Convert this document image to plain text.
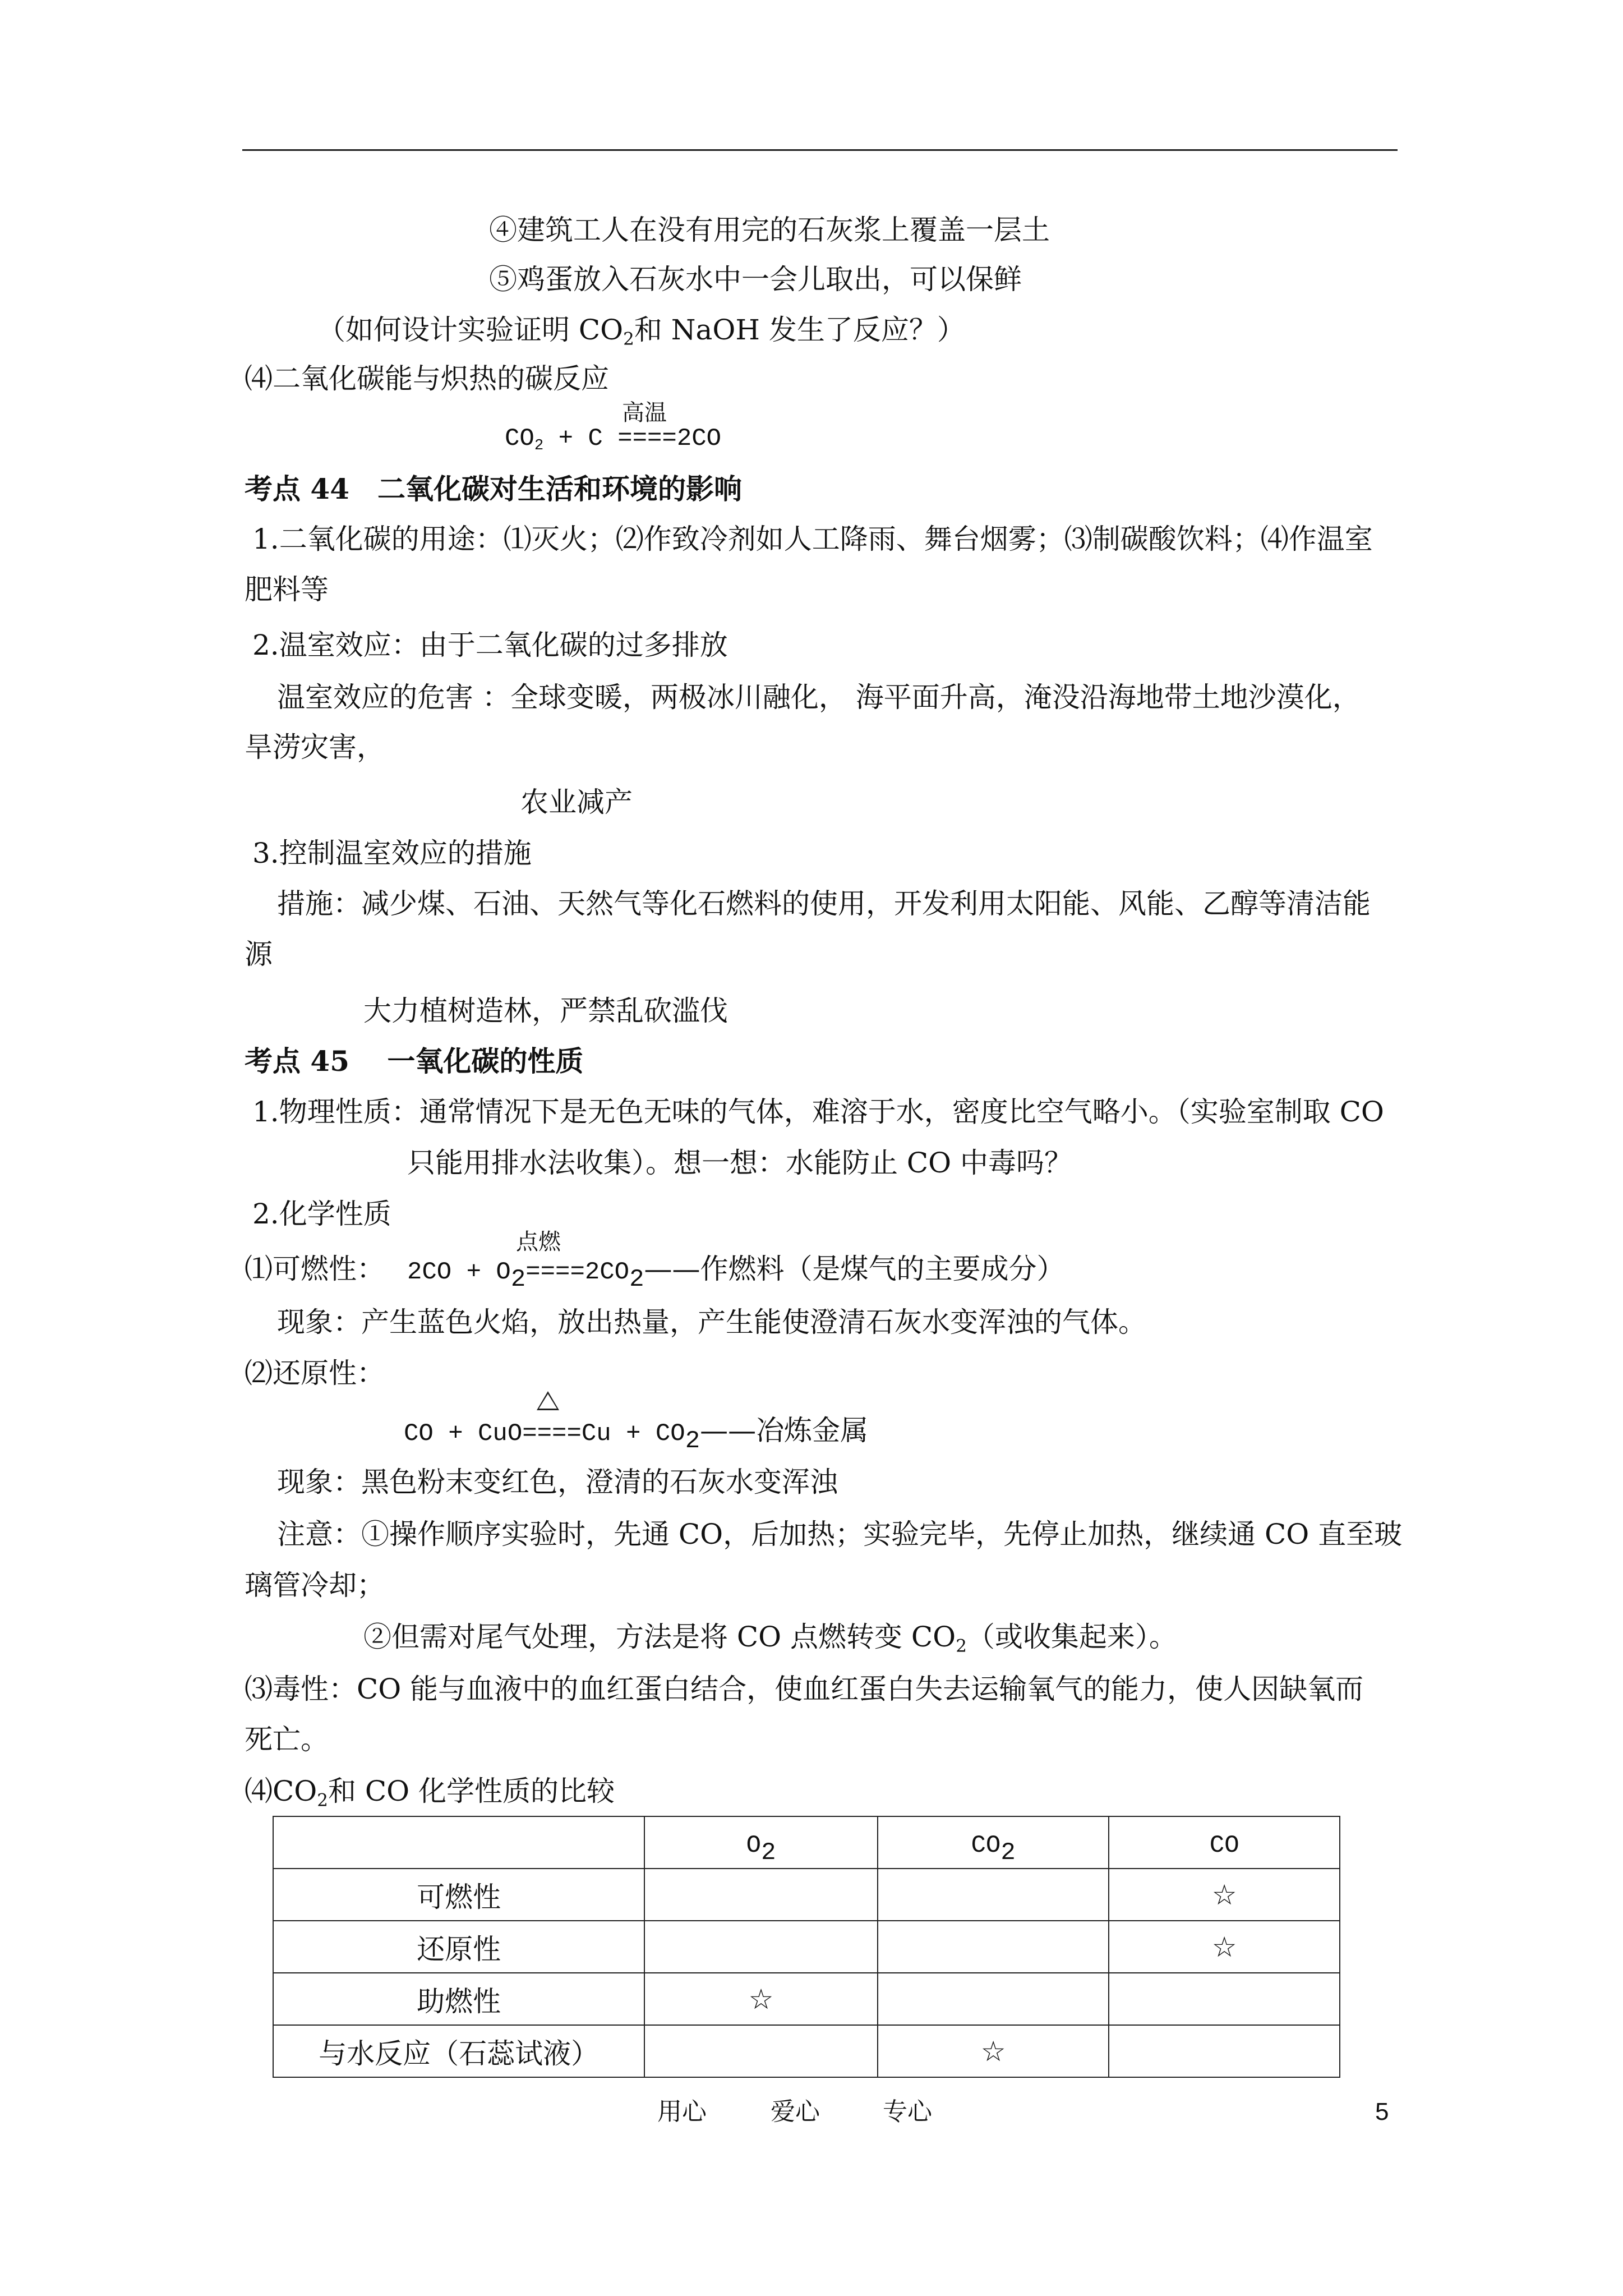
④建筑工人在没有用完的石灰浆上覆盖一层土
⑤鸡蛋放入石灰水中一会儿取出，可以保鲜
（如何设计实验证明 $CO_2$和 NaOH 发生了反应？）
⑷二氧化碳能与炽热的碳反应
高温
$CO_2 + C ====2CO$
考点 44　二氧化碳对生活和环境的影响
1.二氧化碳的用途：⑴灭火；⑵作致冷剂如人工降雨、舞台烟雾；⑶制碳酸饮料；⑷作温室
肥料等
2.温室效应：由于二氧化碳的过多排放
温室效应的危害 ：全球变暖，两极冰川融化， 海平面升高，淹没沿海地带土地沙漠化，
旱涝灾害，
农业减产
3.控制温室效应的措施
措施：减少煤、石油、天然气等化石燃料的使用，开发利用太阳能、风能、乙醇等清洁能
源
大力植树造林，严禁乱砍滥伐
考点 45　 一氧化碳的性质
1.物理性质：通常情况下是无色无味的气体，难溶于水，密度比空气略小。（实验室制取 CO
只能用排水法收集）。想一想：水能防止 CO 中毒吗？
2.化学性质
点燃
⑴可燃性： $2CO + O_2====2CO_2——$作燃料（是煤气的主要成分）
现象：产生蓝色火焰，放出热量，产生能使澄清石灰水变浑浊的气体。
⑵还原性：
CO + $CuO====Cu + CO_2——$冶炼金属
现象：黑色粉末变红色，澄清的石灰水变浑浊
注意：①操作顺序实验时，先通 CO，后加热；实验完毕，先停止加热，继续通 CO 直至玻
璃管冷却；
②但需对尾气处理，方法是将 CO 点燃转变 $CO_2$（或收集起来）。
⑶毒性：CO 能与血液中的血红蛋白结合，使血红蛋白失去运输氧气的能力，使人因缺氧而
死亡。
$⑷CO_2$和 CO 化学性质的比较
	$O_2$	$CO_2$	CO
可燃性			☆
还原性			☆
助燃性	☆		
与水反应（石蕊试液）		☆	
用心	爱心	专心	5
